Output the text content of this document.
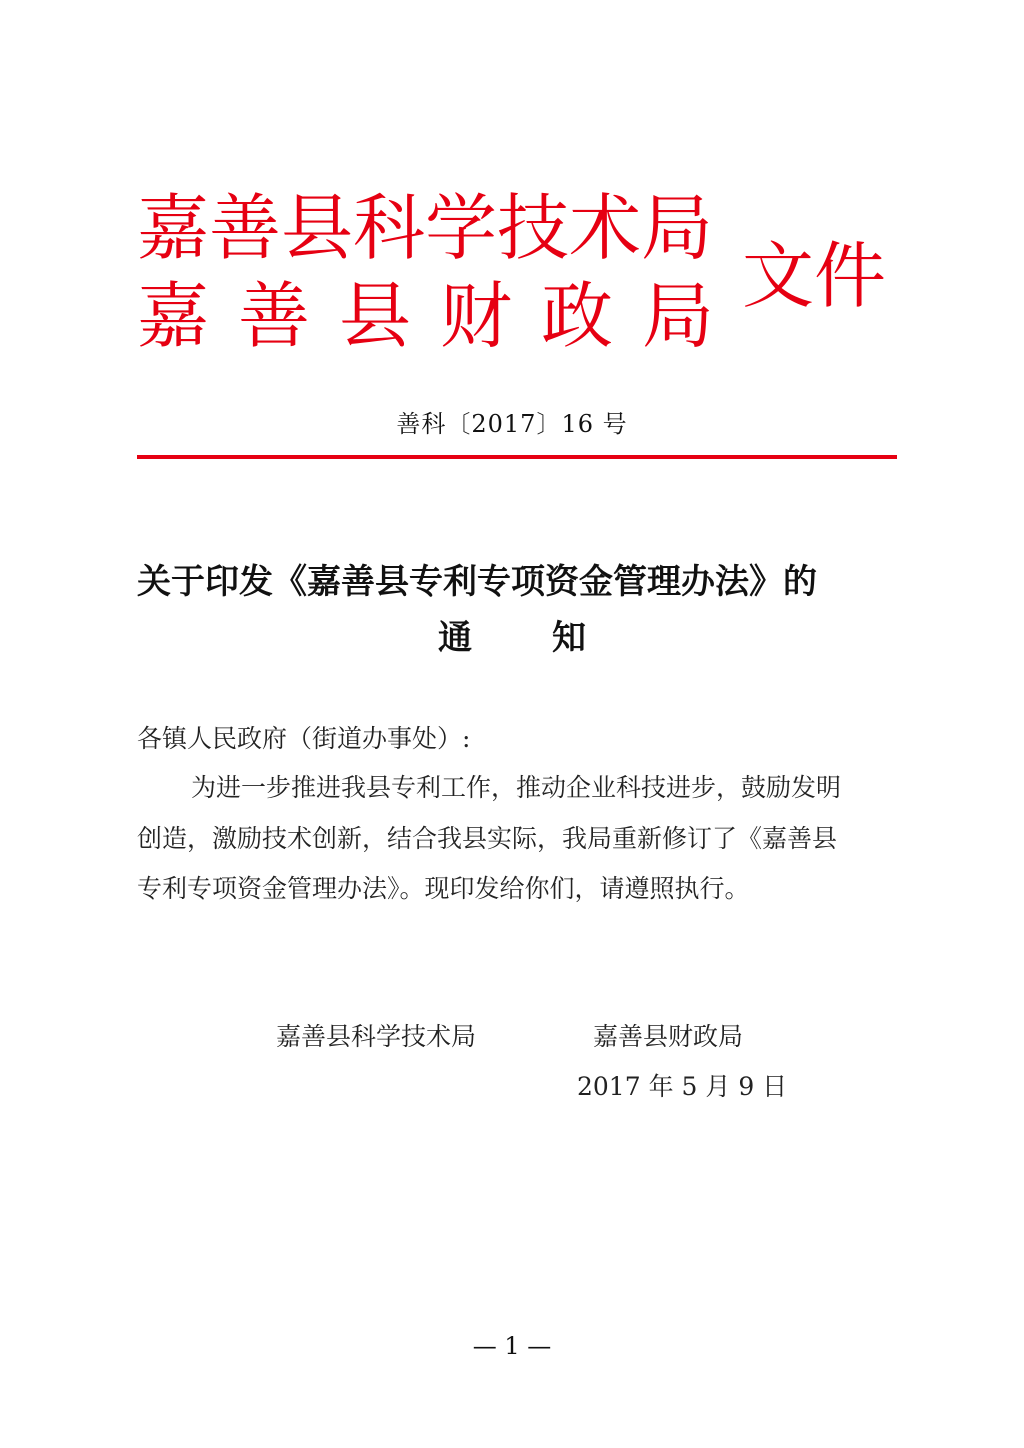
嘉善县科学技术局
嘉善县财政局
文件
善科〔2017〕16 号
关于印发《嘉善县专利专项资金管理办法》的
通知
各镇人民政府（街道办事处）:
为进一步推进我县专利工作，推动企业科技进步，鼓励发明
创造，激励技术创新，结合我县实际，我局重新修订了《嘉善县
专利专项资金管理办法》。现印发给你们，请遵照执行。
嘉善县科学技术局	嘉善县财政局
2017 年 5 月 9 日
— 1 —
